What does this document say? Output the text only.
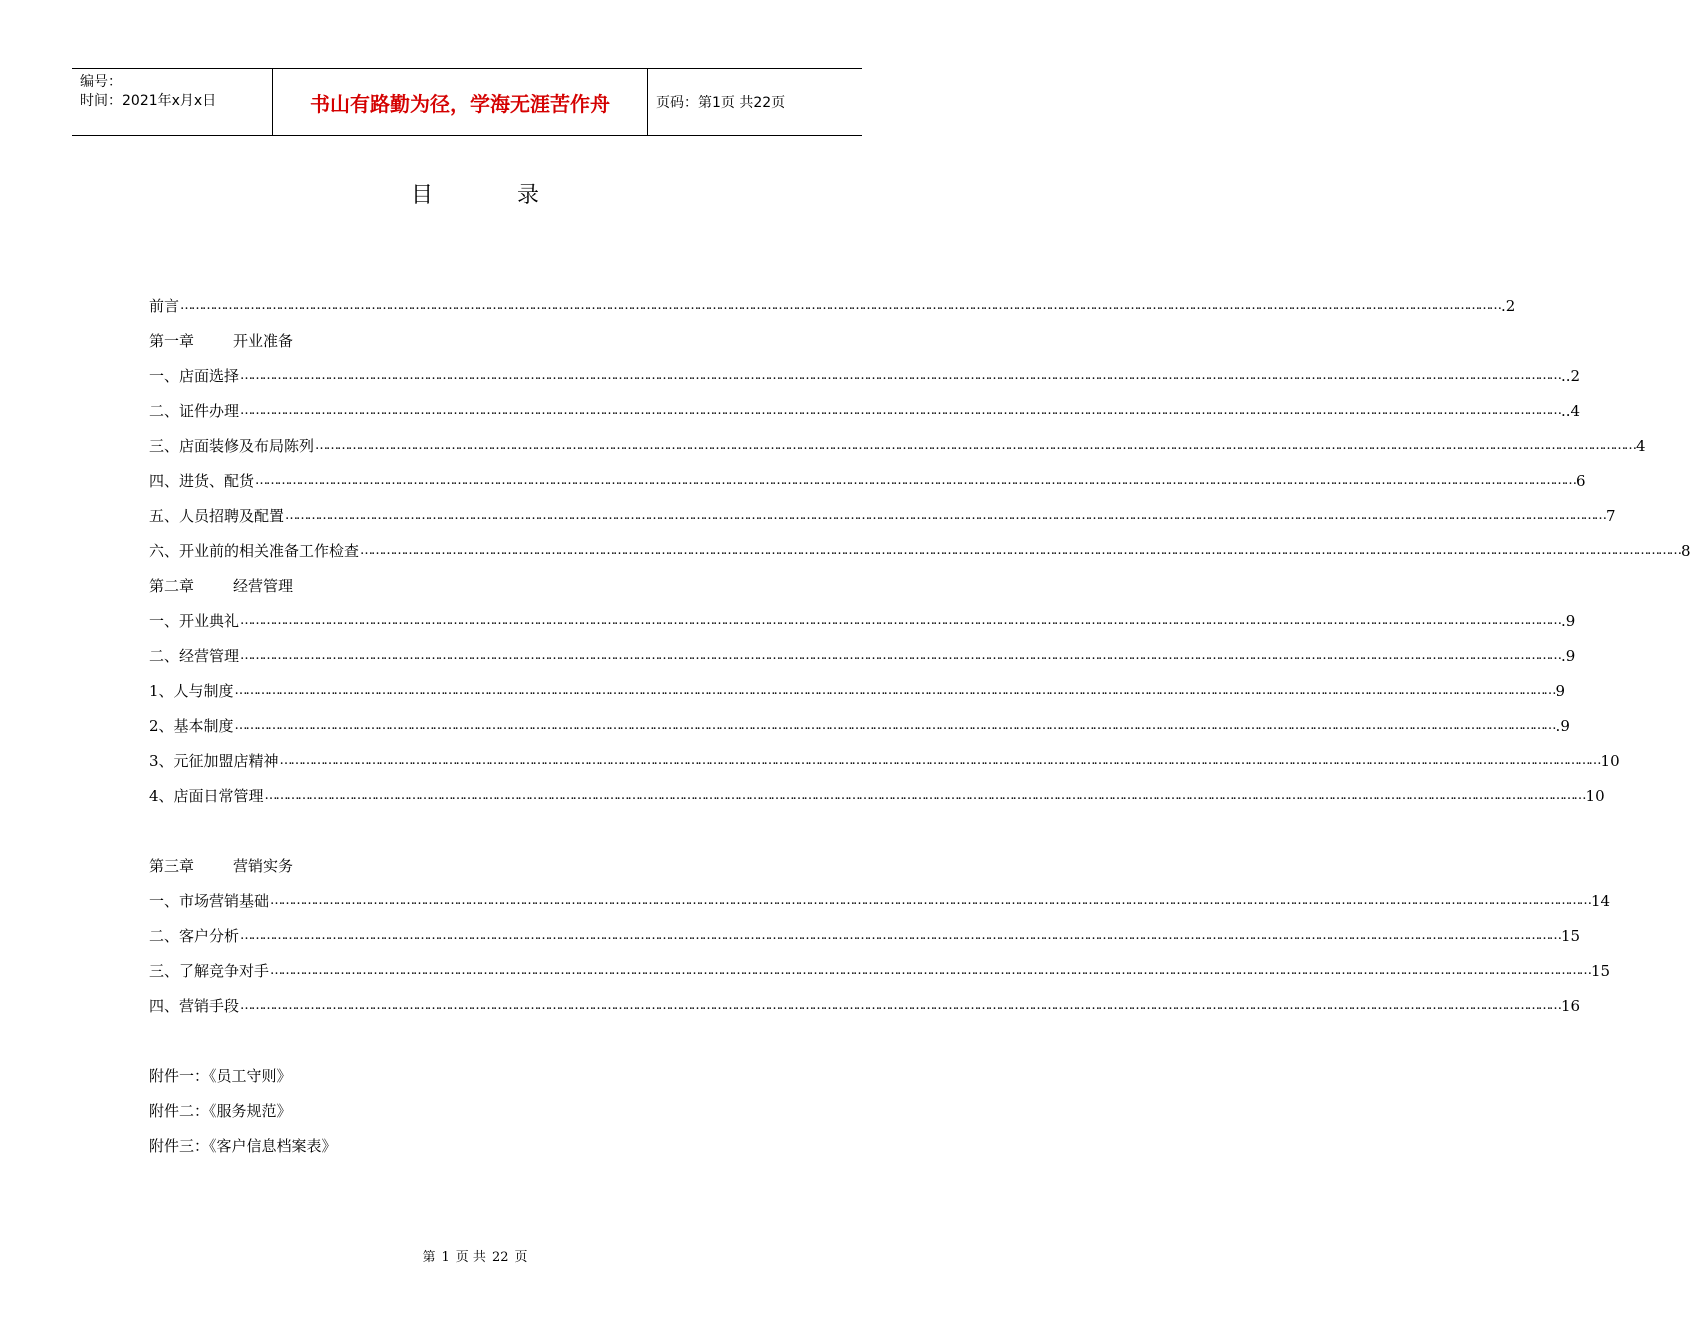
编号：
时间：2021年x月x日	书山有路勤为径，学海无涯苦作舟	页码：第1页 共22页
目录
前言 ……………………………………………………………………………………………………………………………………………………………………………………………………………………………………………………………………………………………………………………………… .2
第一章	开业准备
一、店面选择 ……………………………………………………………………………………………………………………………………………………………………………………………………………………………………………………………………………………………………………………………… ..2
二、证件办理 ……………………………………………………………………………………………………………………………………………………………………………………………………………………………………………………………………………………………………………………………… ..4
三、店面装修及布局陈列 ……………………………………………………………………………………………………………………………………………………………………………………………………………………………………………………………………………………………………………………………… 4
四、进货、配货 ……………………………………………………………………………………………………………………………………………………………………………………………………………………………………………………………………………………………………………………………… 6
五、人员招聘及配置 ……………………………………………………………………………………………………………………………………………………………………………………………………………………………………………………………………………………………………………………………… 7
六、开业前的相关准备工作检查 ……………………………………………………………………………………………………………………………………………………………………………………………………………………………………………………………………………………………………………………………… 8
第二章	经营管理
一、开业典礼 ……………………………………………………………………………………………………………………………………………………………………………………………………………………………………………………………………………………………………………………………… .9
二、经营管理 ……………………………………………………………………………………………………………………………………………………………………………………………………………………………………………………………………………………………………………………………… .9
1、人与制度 ……………………………………………………………………………………………………………………………………………………………………………………………………………………………………………………………………………………………………………………………… 9
2、基本制度 ……………………………………………………………………………………………………………………………………………………………………………………………………………………………………………………………………………………………………………………………… .9
3、元征加盟店精神 ……………………………………………………………………………………………………………………………………………………………………………………………………………………………………………………………………………………………………………………………… 10
4、店面日常管理 ……………………………………………………………………………………………………………………………………………………………………………………………………………………………………………………………………………………………………………………………… 10
第三章	营销实务
一、市场营销基础 ……………………………………………………………………………………………………………………………………………………………………………………………………………………………………………………………………………………………………………………………… 14
二、客户分析 ……………………………………………………………………………………………………………………………………………………………………………………………………………………………………………………………………………………………………………………………… 15
三、了解竞争对手 ……………………………………………………………………………………………………………………………………………………………………………………………………………………………………………………………………………………………………………………………… 15
四、营销手段 ……………………………………………………………………………………………………………………………………………………………………………………………………………………………………………………………………………………………………………………………… 16
附件一：《员工守则》
附件二：《服务规范》
附件三：《客户信息档案表》
第 1 页 共 22 页
